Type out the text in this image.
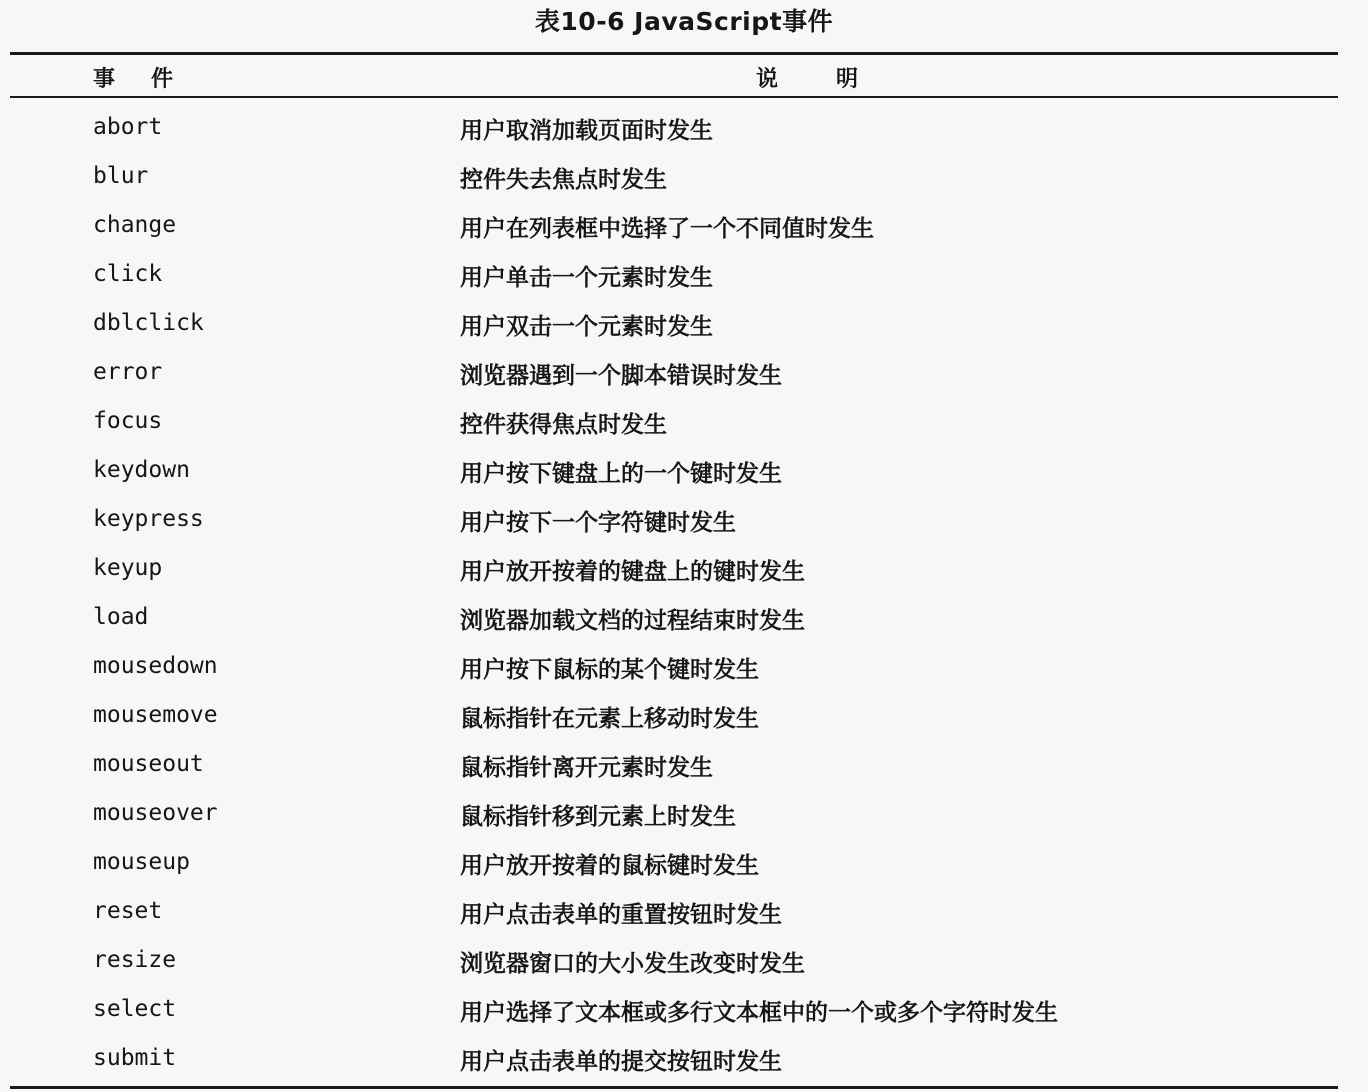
表10-6 JavaScript事件
事件	说明
abort	用户取消加载页面时发生
blur	控件失去焦点时发生
change	用户在列表框中选择了一个不同值时发生
click	用户单击一个元素时发生
dblclick	用户双击一个元素时发生
error	浏览器遇到一个脚本错误时发生
focus	控件获得焦点时发生
keydown	用户按下键盘上的一个键时发生
keypress	用户按下一个字符键时发生
keyup	用户放开按着的键盘上的键时发生
load	浏览器加载文档的过程结束时发生
mousedown	用户按下鼠标的某个键时发生
mousemove	鼠标指针在元素上移动时发生
mouseout	鼠标指针离开元素时发生
mouseover	鼠标指针移到元素上时发生
mouseup	用户放开按着的鼠标键时发生
reset	用户点击表单的重置按钮时发生
resize	浏览器窗口的大小发生改变时发生
select	用户选择了文本框或多行文本框中的一个或多个字符时发生
submit	用户点击表单的提交按钮时发生
